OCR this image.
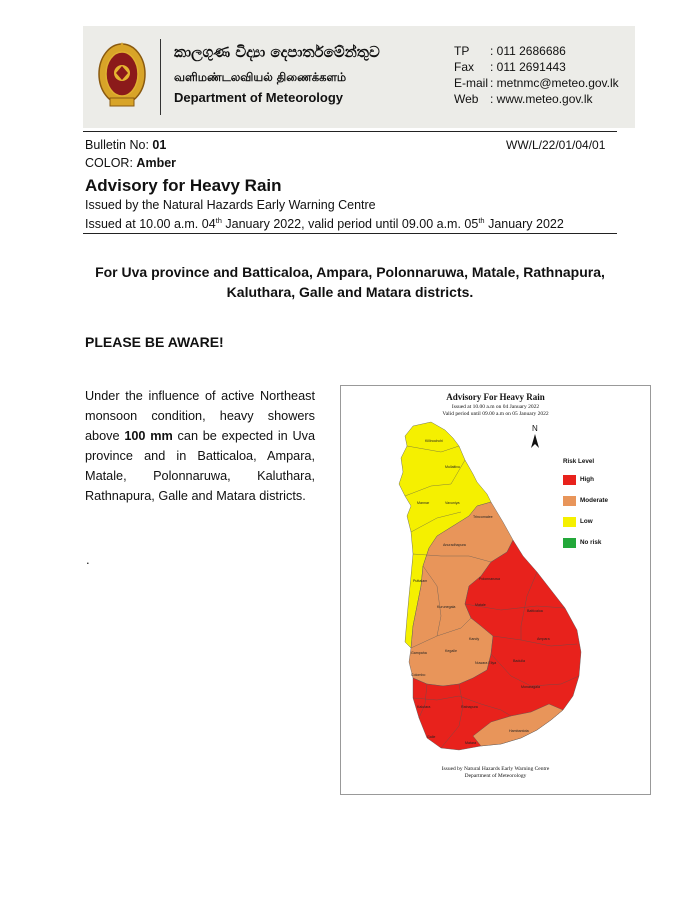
කාලගුණ විද්‍යා දෙපාර්තමේන්තුව
வளிமண்டலவியல் திணைக்களம்
Department of Meteorology
TP	: 011 2686686
Fax	: 011 2691443
E-mail : metnmc@meteo.gov.lk
Web : www.meteo.gov.lk
Bulletin No: 01
COLOR: Amber
WW/L/22/01/04/01
Advisory for Heavy Rain
Issued by the Natural Hazards Early Warning Centre
Issued at 10.00 a.m. 04th January 2022, valid period until 09.00 a.m. 05th January 2022
For Uva province and Batticaloa, Ampara, Polonnaruwa, Matale, Rathnapura,
Kaluthara, Galle and Matara districts.
PLEASE BE AWARE!
Under the influence of active Northeast
monsoon condition, heavy showers
above 100 mm can be expected in Uva
province and in Batticaloa, Ampara,
Matale, Polonnaruwa, Kaluthara,
Rathnapura, Galle and Matara districts.
.
Killinochchi
Mullaitivu
Mannar	Vavuniya
Trincomalee
Anuradhapura
Puttalam	Polonnaruwa
Kurunegala
Batticaloa
Matale
Kandy
Kegalle
Nuwara Eliya	Badulla
Gampaha
Colombo
Ampara
Monaragala
Ratnapura
Kalutara
Galle
Matara
Hambantota
Advisory For Heavy Rain
Issued at 10.00 a.m on 04 January 2022
Valid period until 09.00 a.m on 05 January 2022
N
Risk Level
High
Moderate
Low
No risk
Issued by Natural Hazards Early Warning Centre
Department of Meteorology
